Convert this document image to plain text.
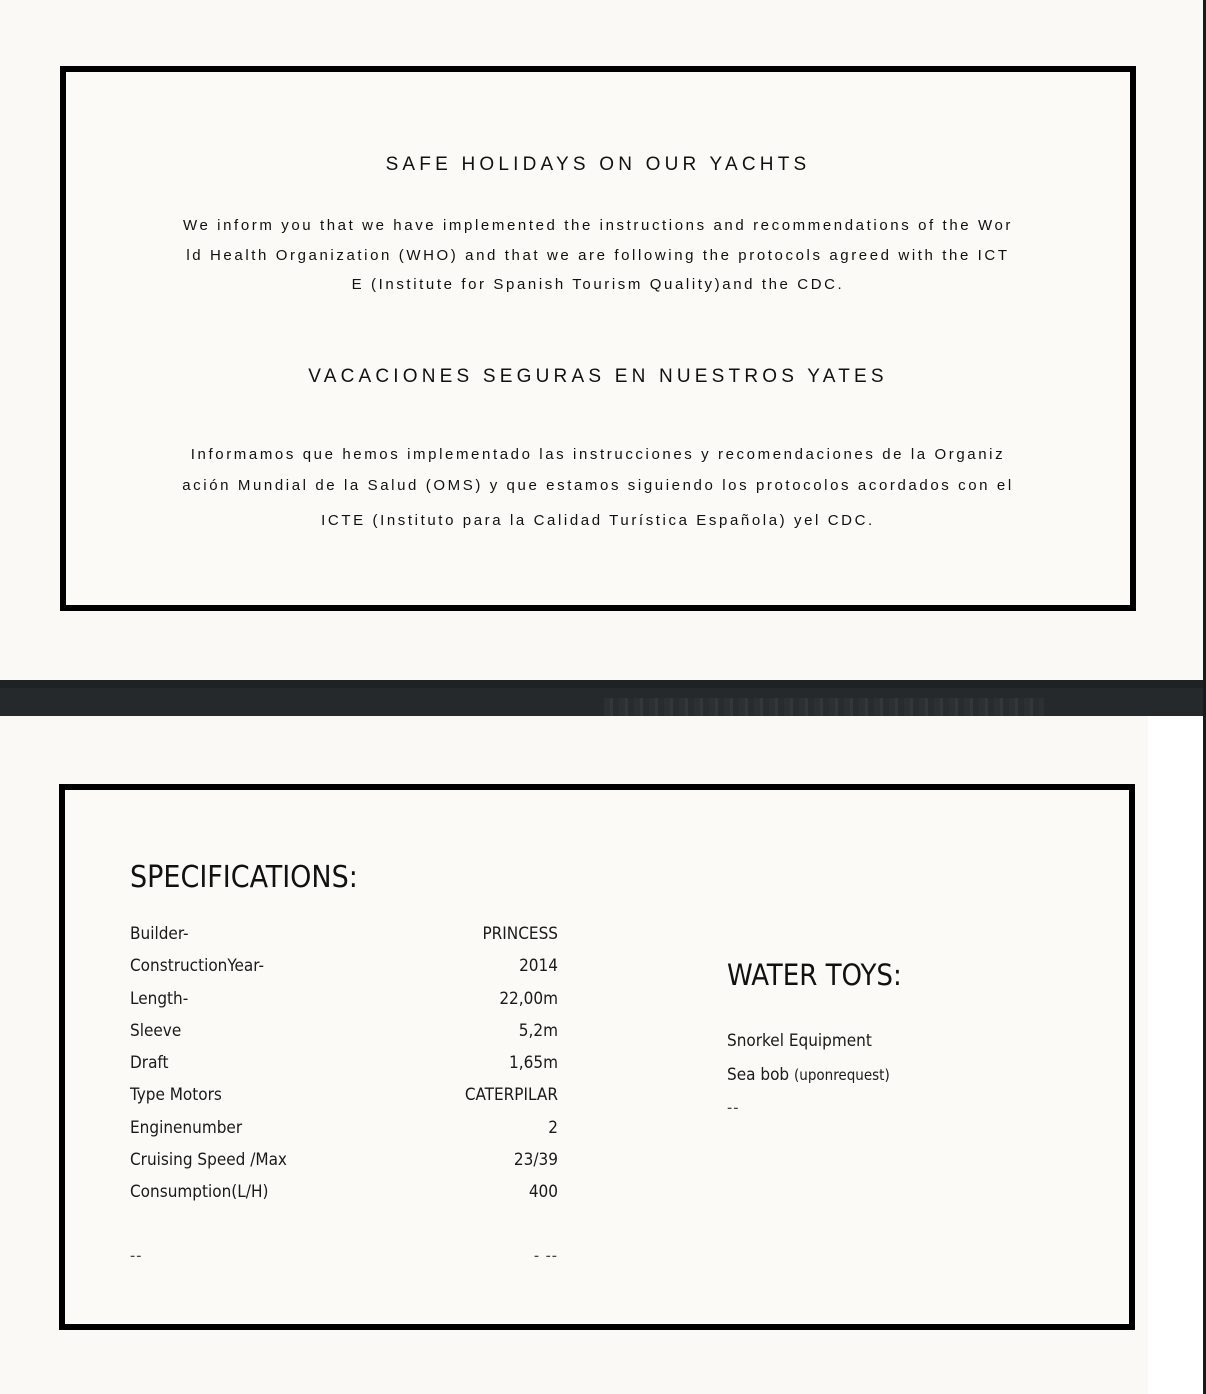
SAFE HOLIDAYS ON OUR YACHTS
We inform you that we have implemented the instructions and recommendations of the Wor
ld Health Organization (WHO) and that we are following the protocols agreed with the ICT
E (Institute for Spanish Tourism Quality)and the CDC.
VACACIONES SEGURAS EN NUESTROS YATES
Informamos que hemos implementado las instrucciones y recomendaciones de la Organiz
ación Mundial de la Salud (OMS) y que estamos siguiendo los protocolos acordados con el
ICTE (Instituto para la Calidad Turística Española) yel CDC.
SPECIFICATIONS:
Builder-	PRINCESS
ConstructionYear-	2014
Length-	22,00m
Sleeve	5,2m
Draft	1,65m
Type Motors	CATERPILAR
Enginenumber	2
Cruising Speed /Max	23/39
Consumption(L/H)	400
--	- --
WATER TOYS:
Snorkel Equipment
Sea bob (uponrequest)
--
